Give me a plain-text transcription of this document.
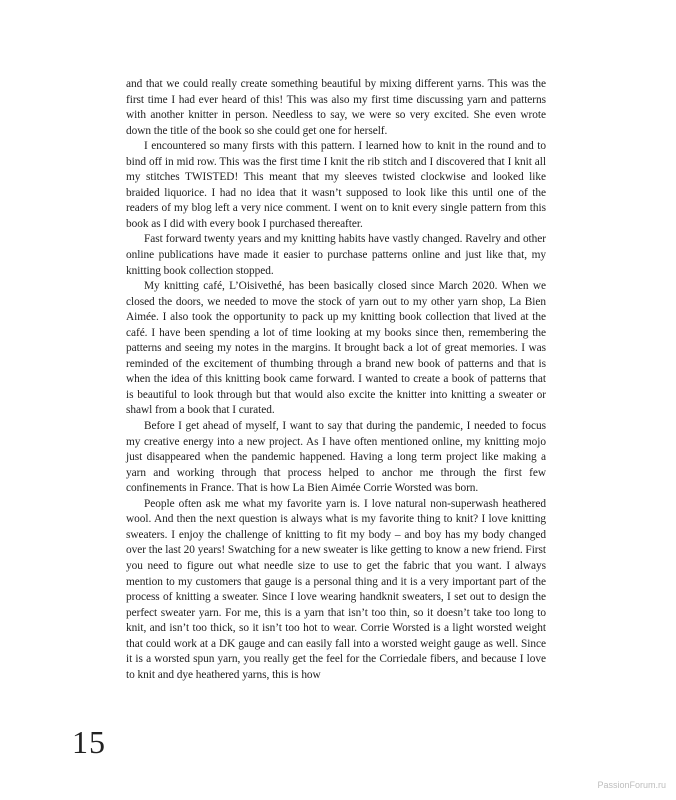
and that we could really create something beautiful by mixing different yarns. This was the first time I had ever heard of this! This was also my first time discussing yarn and patterns with another knitter in person. Needless to say, we were so very excited. She even wrote down the title of the book so she could get one for herself.

I encountered so many firsts with this pattern. I learned how to knit in the round and to bind off in mid row. This was the first time I knit the rib stitch and I discovered that I knit all my stitches TWISTED! This meant that my sleeves twisted clockwise and looked like braided liquorice. I had no idea that it wasn’t supposed to look like this until one of the readers of my blog left a very nice comment. I went on to knit every single pattern from this book as I did with every book I purchased thereafter.

Fast forward twenty years and my knitting habits have vastly changed. Ravelry and other online publications have made it easier to purchase patterns online and just like that, my knitting book collection stopped.

My knitting café, L’Oisivethé, has been basically closed since March 2020. When we closed the doors, we needed to move the stock of yarn out to my other yarn shop, La Bien Aimée. I also took the opportunity to pack up my knitting book collection that lived at the café. I have been spending a lot of time looking at my books since then, remembering the patterns and seeing my notes in the margins. It brought back a lot of great memories. I was reminded of the excitement of thumbing through a brand new book of patterns and that is when the idea of this knitting book came forward. I wanted to create a book of patterns that is beautiful to look through but that would also excite the knitter into knitting a sweater or shawl from a book that I curated.

Before I get ahead of myself, I want to say that during the pandemic, I needed to focus my creative energy into a new project. As I have often mentioned online, my knitting mojo just disappeared when the pandemic happened. Having a long term project like making a yarn and working through that process helped to anchor me through the first few confinements in France. That is how La Bien Aimée Corrie Worsted was born.

People often ask me what my favorite yarn is. I love natural non-superwash heathered wool. And then the next question is always what is my favorite thing to knit? I love knitting sweaters. I enjoy the challenge of knitting to fit my body – and boy has my body changed over the last 20 years! Swatching for a new sweater is like getting to know a new friend. First you need to figure out what needle size to use to get the fabric that you want. I always mention to my customers that gauge is a personal thing and it is a very important part of the process of knitting a sweater. Since I love wearing handknit sweaters, I set out to design the perfect sweater yarn. For me, this is a yarn that isn’t too thin, so it doesn’t take too long to knit, and isn’t too thick, so it isn’t too hot to wear. Corrie Worsted is a light worsted weight that could work at a DK gauge and can easily fall into a worsted weight gauge as well. Since it is a worsted spun yarn, you really get the feel for the Corriedale fibers, and because I love to knit and dye heathered yarns, this is how

15
PassionForum.ru
